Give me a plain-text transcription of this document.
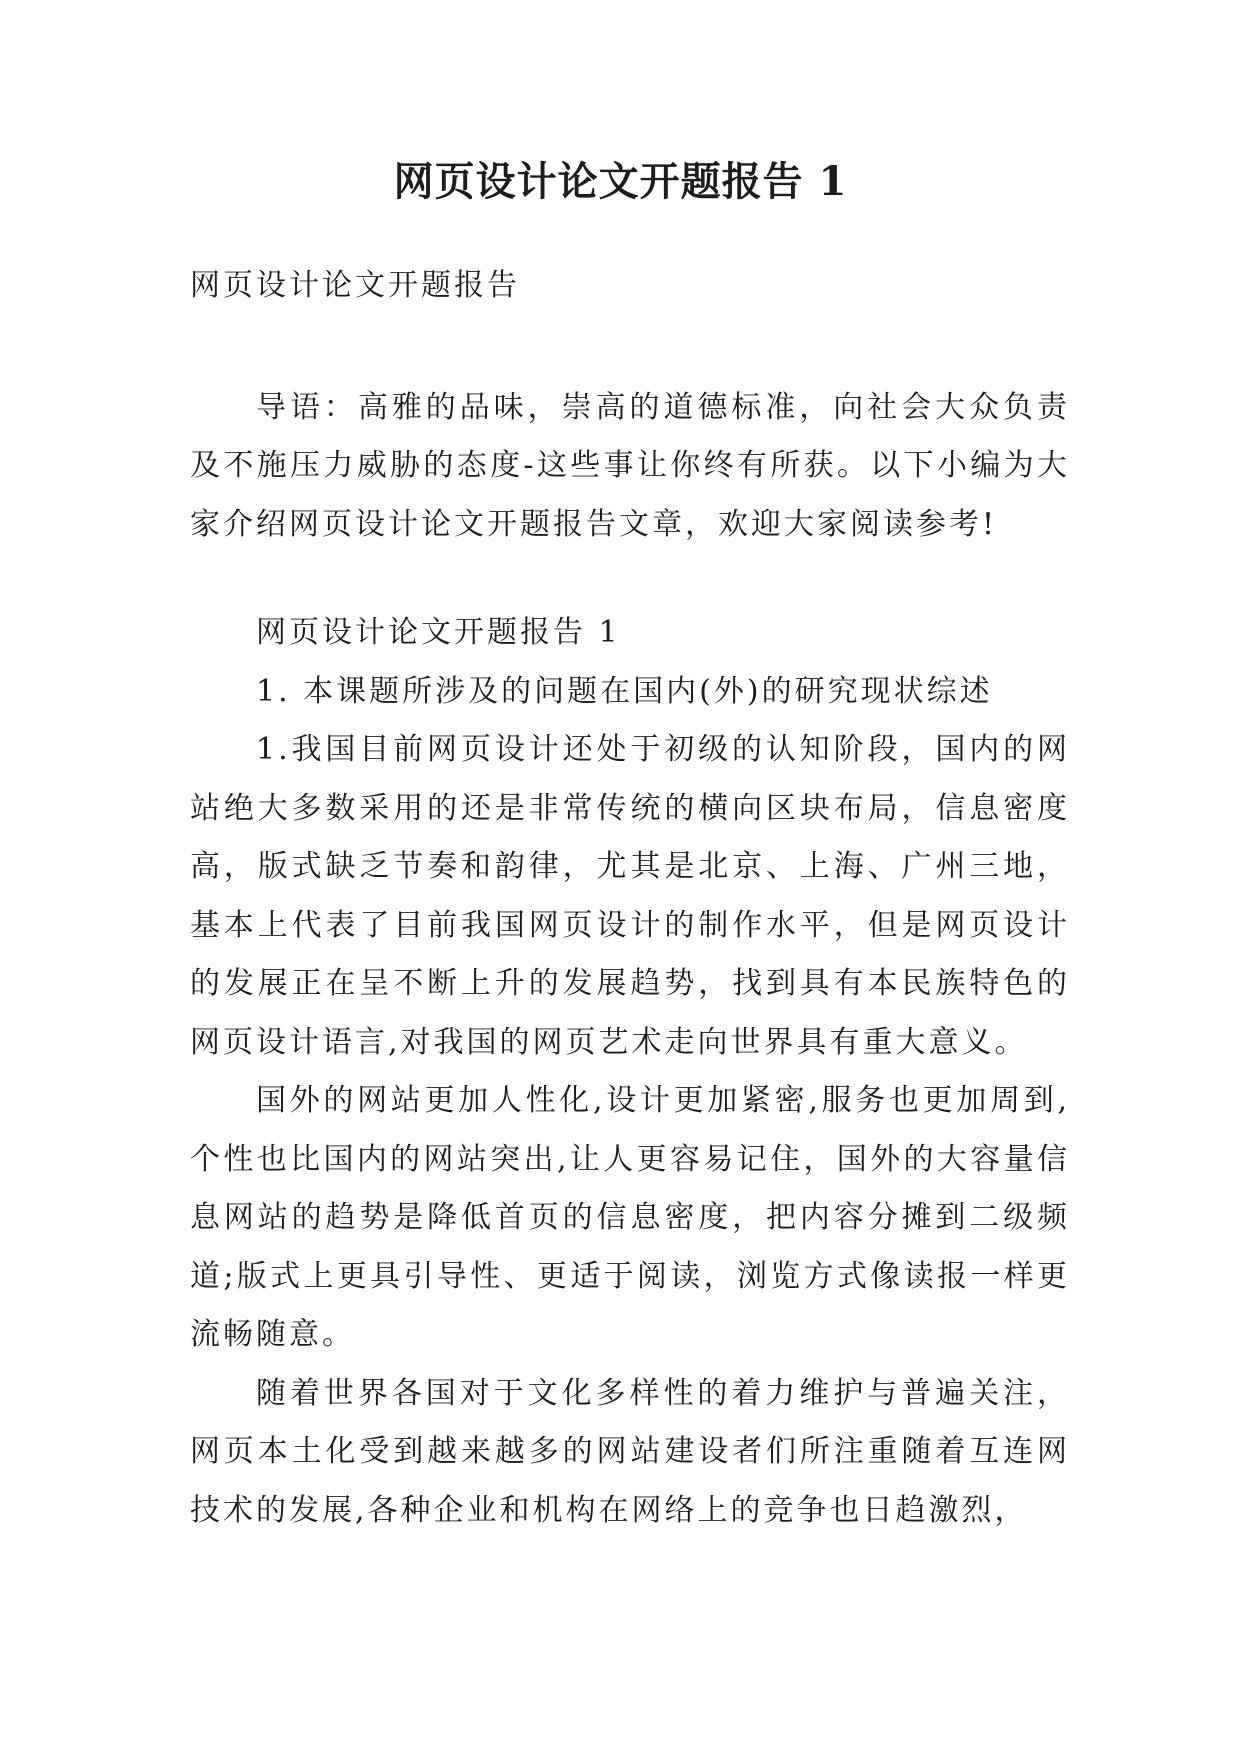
网页设计论文开题报告 1

网页设计论文开题报告

导语：高雅的品味，崇高的道德标准，向社会大众负责及不施压力威胁的态度-这些事让你终有所获。以下小编为大家介绍网页设计论文开题报告文章，欢迎大家阅读参考!

网页设计论文开题报告 1

1. 本课题所涉及的问题在国内(外)的研究现状综述

1.我国目前网页设计还处于初级的认知阶段，国内的网站绝大多数采用的还是非常传统的横向区块布局，信息密度高，版式缺乏节奏和韵律，尤其是北京、上海、广州三地，基本上代表了目前我国网页设计的制作水平，但是网页设计的发展正在呈不断上升的发展趋势，找到具有本民族特色的网页设计语言,对我国的网页艺术走向世界具有重大意义。

国外的网站更加人性化,设计更加紧密,服务也更加周到,个性也比国内的网站突出,让人更容易记住，国外的大容量信息网站的趋势是降低首页的信息密度，把内容分摊到二级频道;版式上更具引导性、更适于阅读，浏览方式像读报一样更流畅随意。

随着世界各国对于文化多样性的着力维护与普遍关注，网页本土化受到越来越多的网站建设者们所注重随着互连网技术的发展,各种企业和机构在网络上的竞争也日趋激烈，
